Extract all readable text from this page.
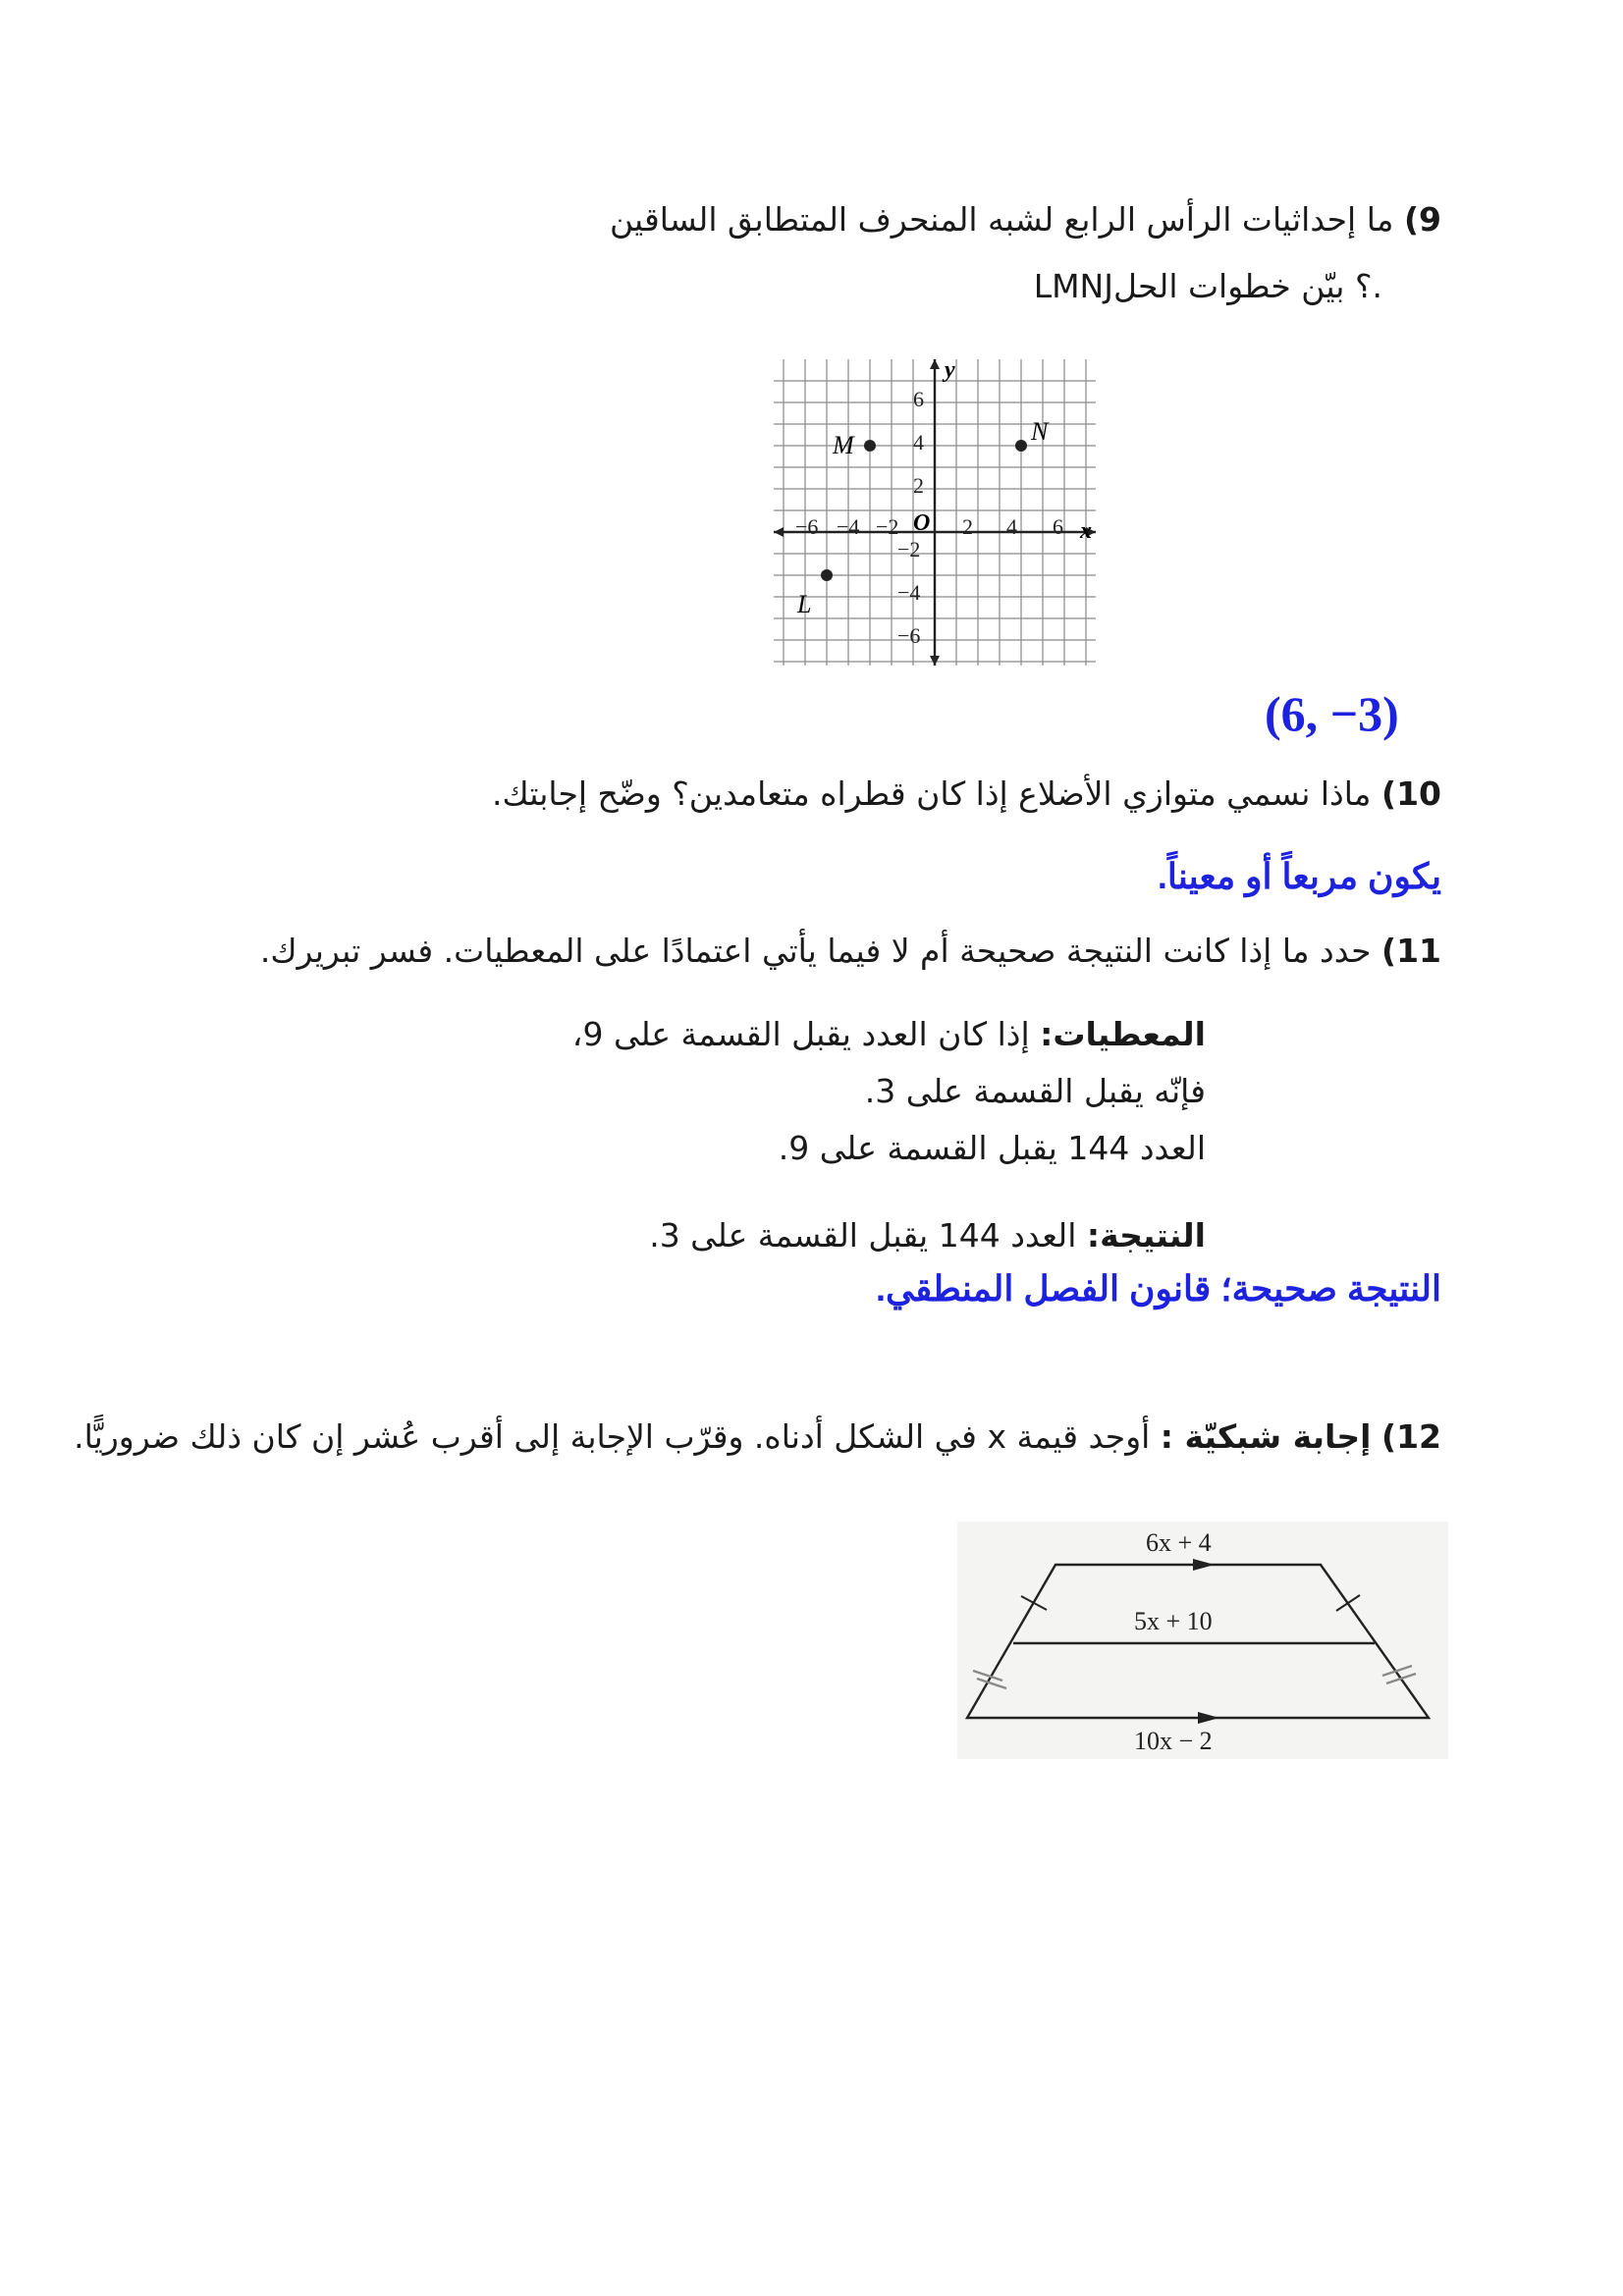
9) ما إحداثيات الرأس الرابع لشبه المنحرف المتطابق الساقين
LMNJ؟ بيّن خطوات الحل.
y
x
O
−6 −4 −2	2 4 6
6
4
2
−2
−4
−6
M	N
L
(6, −3)
10) ماذا نسمي متوازي الأضلاع إذا كان قطراه متعامدين؟ وضّح إجابتك.
يكون مربعاً أو معيناً.
11) حدد ما إذا كانت النتيجة صحيحة أم لا فيما يأتي اعتمادًا على المعطيات. فسر تبريرك.
المعطيات: إذا كان العدد يقبل القسمة على 9،
فإنّه يقبل القسمة على 3.
العدد 144 يقبل القسمة على 9.
النتيجة: العدد 144 يقبل القسمة على 3.
النتيجة صحيحة؛ قانون الفصل المنطقي.
12) إجابة شبكيّة : أوجد قيمة x في الشكل أدناه. وقرّب الإجابة إلى أقرب عُشر إن كان ذلك ضروريًّا.
6x + 4
5x + 10
10x − 2
